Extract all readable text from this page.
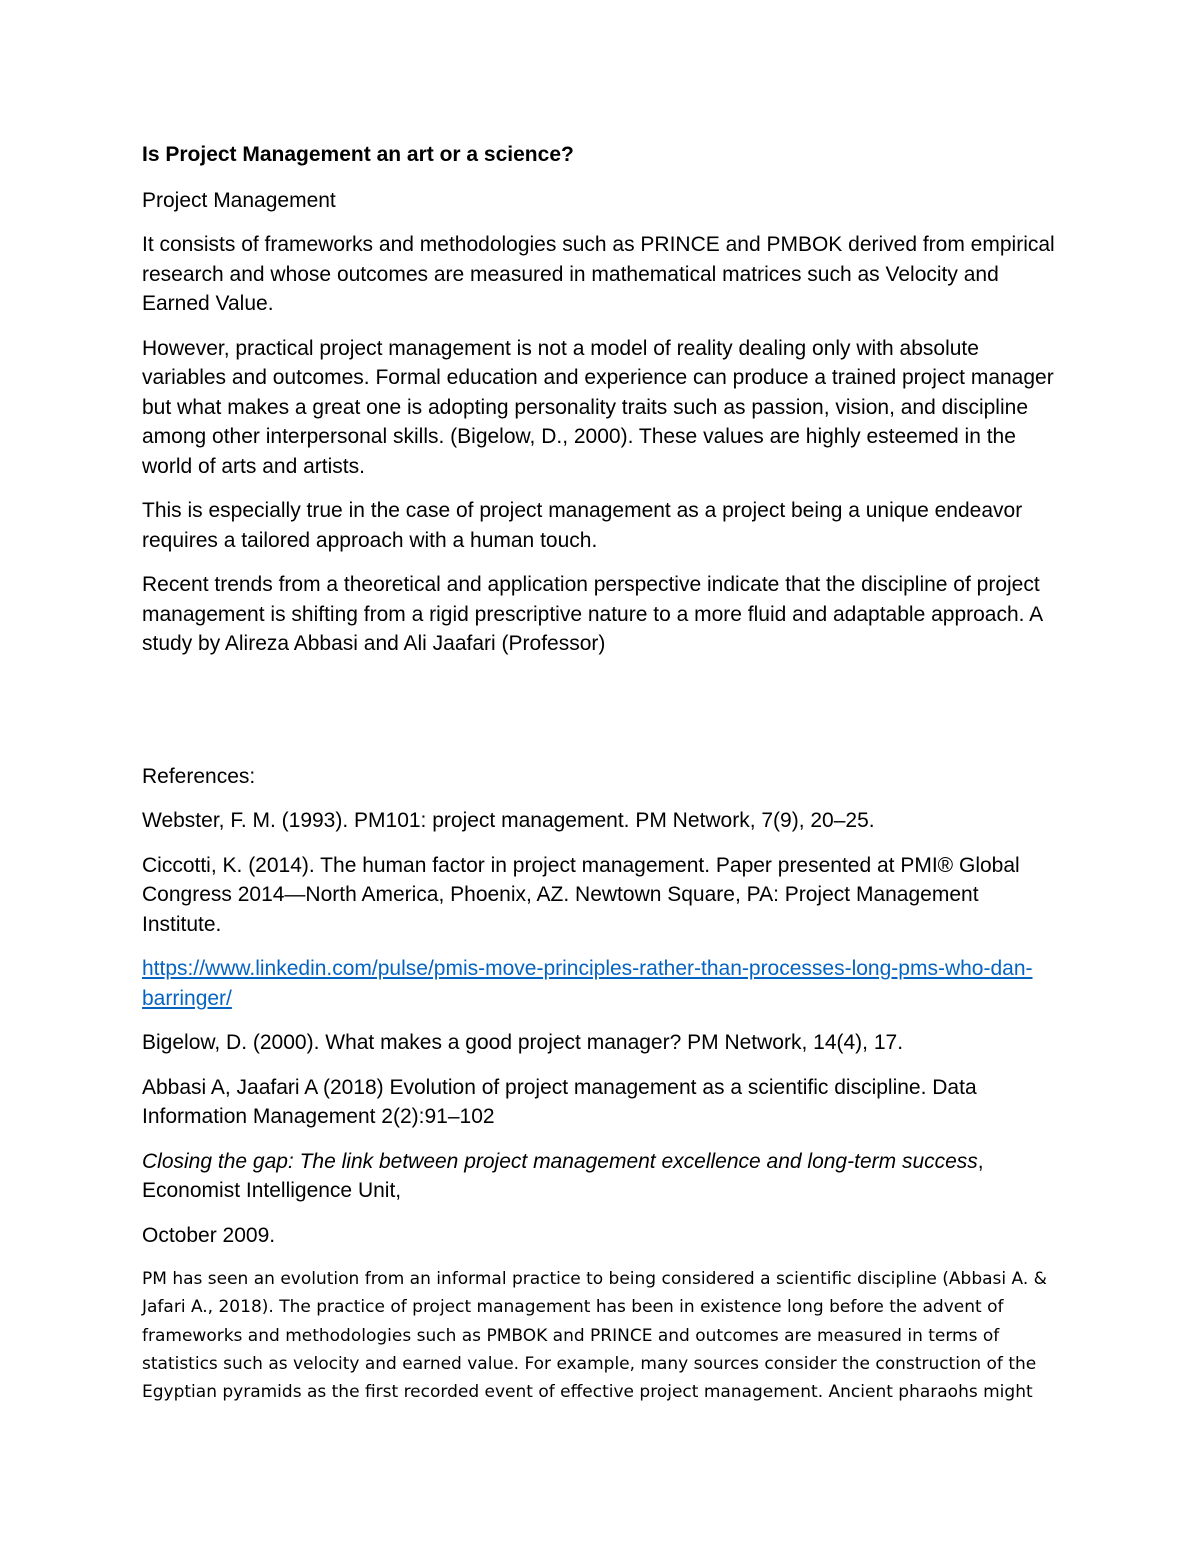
Is Project Management an art or a science?

Project Management

It consists of frameworks and methodologies such as PRINCE and PMBOK derived from empirical research and whose outcomes are measured in mathematical matrices such as Velocity and Earned Value.

However, practical project management is not a model of reality dealing only with absolute variables and outcomes. Formal education and experience can produce a trained project manager but what makes a great one is adopting personality traits such as passion, vision, and discipline among other interpersonal skills. (Bigelow, D., 2000). These values are highly esteemed in the world of arts and artists.

This is especially true in the case of project management as a project being a unique endeavor requires a tailored approach with a human touch.

Recent trends from a theoretical and application perspective indicate that the discipline of project management is shifting from a rigid prescriptive nature to a more fluid and adaptable approach. A study by Alireza Abbasi and Ali Jaafari (Professor)

References:

Webster, F. M. (1993). PM101: project management. PM Network, 7(9), 20–25.

Ciccotti, K. (2014). The human factor in project management. Paper presented at PMI® Global Congress 2014—North America, Phoenix, AZ. Newtown Square, PA: Project Management Institute.

https://www.linkedin.com/pulse/pmis-move-principles-rather-than-processes-long-pms-who-dan-barringer/

Bigelow, D. (2000). What makes a good project manager? PM Network, 14(4), 17.

Abbasi A, Jaafari A (2018) Evolution of project management as a scientific discipline. Data Information Management 2(2):91–102

Closing the gap: The link between project management excellence and long-term success, Economist Intelligence Unit,

October 2009.

PM has seen an evolution from an informal practice to being considered a scientific discipline (Abbasi A. & Jafari A., 2018). The practice of project management has been in existence long before the advent of frameworks and methodologies such as PMBOK and PRINCE and outcomes are measured in terms of statistics such as velocity and earned value. For example, many sources consider the construction of the Egyptian pyramids as the first recorded event of effective project management. Ancient pharaohs might
